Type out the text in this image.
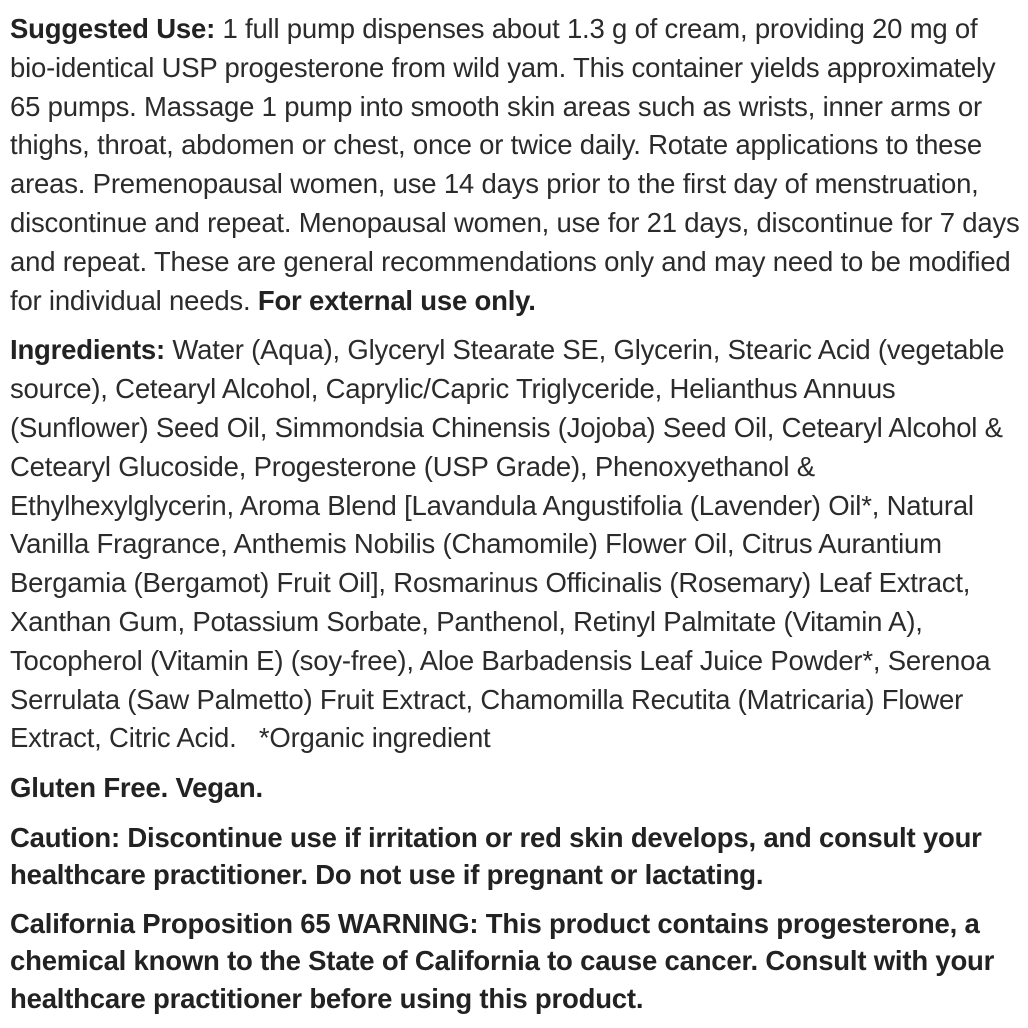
Suggested Use: 1 full pump dispenses about 1.3 g of cream, providing 20 mg of bio-identical USP progesterone from wild yam. This container yields approximately 65 pumps. Massage 1 pump into smooth skin areas such as wrists, inner arms or thighs, throat, abdomen or chest, once or twice daily. Rotate applications to these areas. Premenopausal women, use 14 days prior to the first day of menstruation, discontinue and repeat. Menopausal women, use for 21 days, discontinue for 7 days and repeat. These are general recommendations only and may need to be modified for individual needs. For external use only.

Ingredients: Water (Aqua), Glyceryl Stearate SE, Glycerin, Stearic Acid (vegetable source), Cetearyl Alcohol, Caprylic/Capric Triglyceride, Helianthus Annuus (Sunflower) Seed Oil, Simmondsia Chinensis (Jojoba) Seed Oil, Cetearyl Alcohol & Cetearyl Glucoside, Progesterone (USP Grade), Phenoxyethanol & Ethylhexylglycerin, Aroma Blend [Lavandula Angustifolia (Lavender) Oil*, Natural Vanilla Fragrance, Anthemis Nobilis (Chamomile) Flower Oil, Citrus Aurantium Bergamia (Bergamot) Fruit Oil], Rosmarinus Officinalis (Rosemary) Leaf Extract, Xanthan Gum, Potassium Sorbate, Panthenol, Retinyl Palmitate (Vitamin A), Tocopherol (Vitamin E) (soy-free), Aloe Barbadensis Leaf Juice Powder*, Serenoa Serrulata (Saw Palmetto) Fruit Extract, Chamomilla Recutita (Matricaria) Flower Extract, Citric Acid. *Organic ingredient

Gluten Free. Vegan.

Caution: Discontinue use if irritation or red skin develops, and consult your healthcare practitioner. Do not use if pregnant or lactating.

California Proposition 65 WARNING: This product contains progesterone, a chemical known to the State of California to cause cancer. Consult with your healthcare practitioner before using this product.
